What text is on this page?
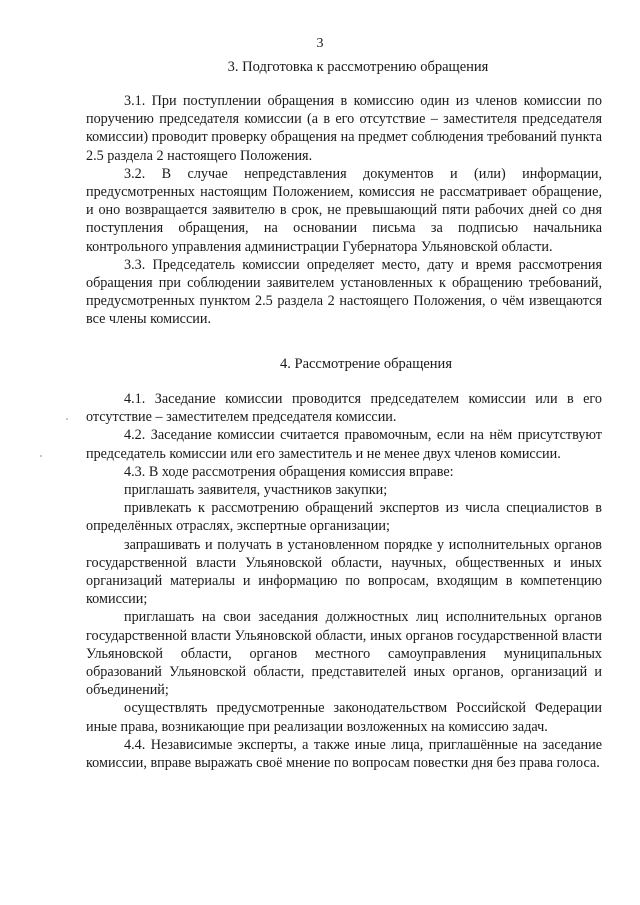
3
3. Подготовка к рассмотрению обращения

3.1. При поступлении обращения в комиссию один из членов комиссии по поручению председателя комиссии (а в его отсутствие – заместителя председателя комиссии) проводит проверку обращения на предмет соблюдения требований пункта 2.5 раздела 2 настоящего Положения.

3.2. В случае непредставления документов и (или) информации, предусмотренных настоящим Положением, комиссия не рассматривает обращение, и оно возвращается заявителю в срок, не превышающий пяти рабочих дней со дня поступления обращения, на основании письма за подписью начальника контрольного управления администрации Губернатора Ульяновской области.

3.3. Председатель комиссии определяет место, дату и время рассмотрения обращения при соблюдении заявителем установленных к обращению требований, предусмотренных пунктом 2.5 раздела 2 настоящего Положения, о чём извещаются все члены комиссии.

4. Рассмотрение обращения

4.1. Заседание комиссии проводится председателем комиссии или в его отсутствие – заместителем председателя комиссии.

4.2. Заседание комиссии считается правомочным, если на нём присутствуют председатель комиссии или его заместитель и не менее двух членов комиссии.

4.3. В ходе рассмотрения обращения комиссия вправе:

приглашать заявителя, участников закупки;

привлекать к рассмотрению обращений экспертов из числа специалистов в определённых отраслях, экспертные организации;

запрашивать и получать в установленном порядке у исполнительных органов государственной власти Ульяновской области, научных, общественных и иных организаций материалы и информацию по вопросам, входящим в компетенцию комиссии;

приглашать на свои заседания должностных лиц исполнительных органов государственной власти Ульяновской области, иных органов государственной власти Ульяновской области, органов местного самоуправления муниципальных образований Ульяновской области, представителей иных органов, организаций и объединений;

осуществлять предусмотренные законодательством Российской Федерации иные права, возникающие при реализации возложенных на комиссию задач.

4.4. Независимые эксперты, а также иные лица, приглашённые на заседание комиссии, вправе выражать своё мнение по вопросам повестки дня без права голоса.
